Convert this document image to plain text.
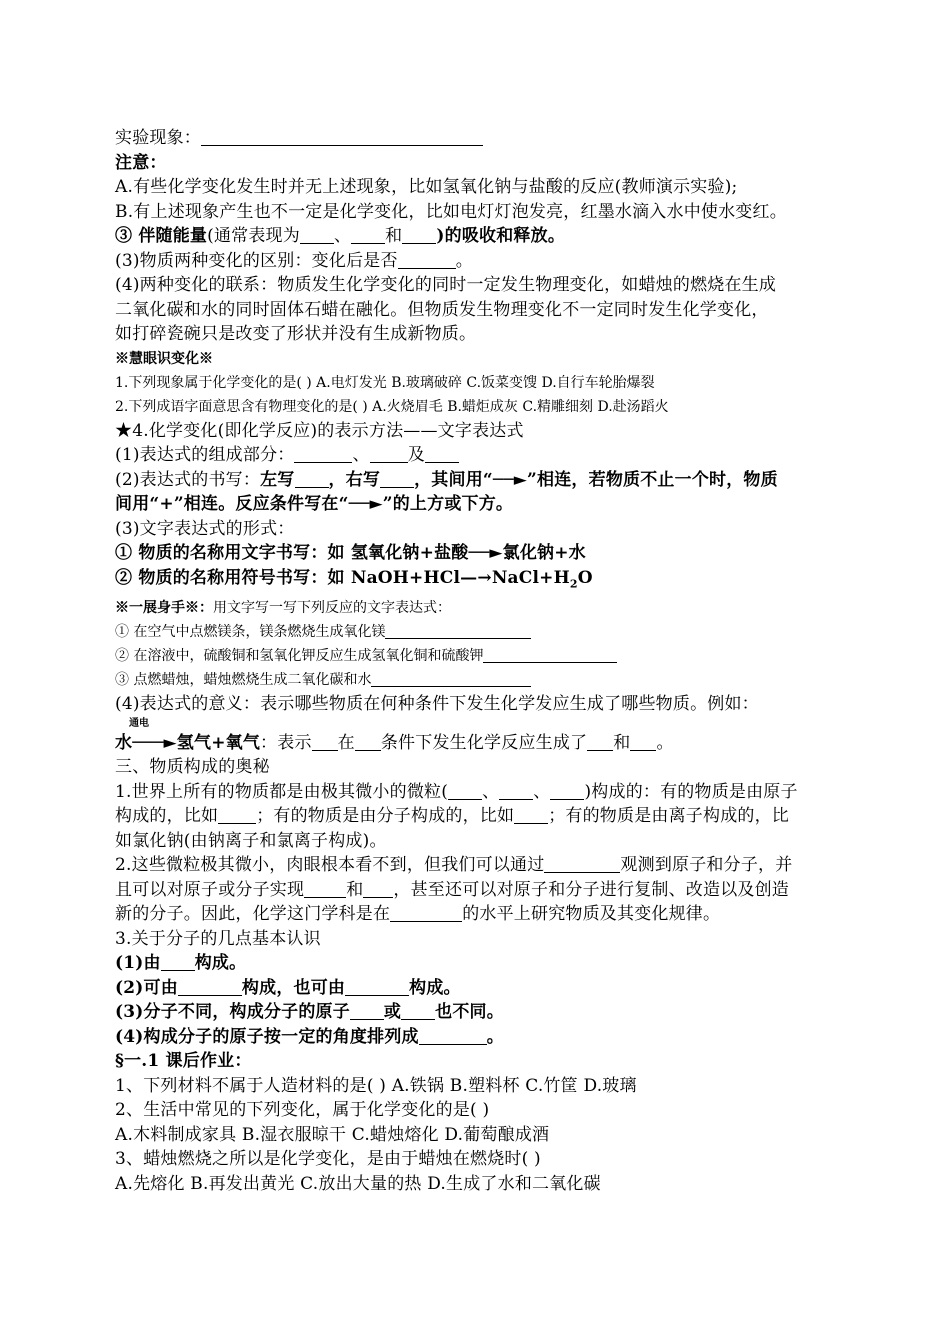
实验现象：
注意：
A.有些化学变化发生时并无上述现象，比如氢氧化钠与盐酸的反应(教师演示实验);
B.有上述现象产生也不一定是化学变化，比如电灯灯泡发亮，红墨水滴入水中使水变红。
③ 伴随能量(通常表现为 、 和 )的吸收和释放。
(3)物质两种变化的区别：变化后是否	。
(4)两种变化的联系：物质发生化学变化的同时一定发生物理变化，如蜡烛的燃烧在生成
二氧化碳和水的同时固体石蜡在融化。但物质发生物理变化不一定同时发生化学变化，
如打碎瓷碗只是改变了形状并没有生成新物质。
※慧眼识变化※
1.下列现象属于化学变化的是( ) A.电灯发光 B.玻璃破碎 C.饭菜变馊 D.自行车轮胎爆裂
2.下列成语字面意思含有物理变化的是( ) A.火烧眉毛 B.蜡炬成灰 C.精雕细刻 D.赴汤蹈火
★4.化学变化(即化学反应)的表示方法——文字表达式
(1)表达式的组成部分：	、 及
(2)表达式的书写：左写 ，右写 ，其间用“──►”相连，若物质不止一个时，物质
间用“+”相连。反应条件写在“──►”的上方或下方。
(3)文字表达式的形式：
① 物质的名称用文字书写：如 氢氧化钠+盐酸──►氯化钠+水
② 物质的名称用符号书写：如 $NaOH+HCl—\to NaCl+H_2O$
※一展身手※：用文字写一写下列反应的文字表达式：
① 在空气中点燃镁条，镁条燃烧生成氧化镁
② 在溶液中，硫酸铜和氢氧化钾反应生成氢氧化铜和硫酸钾
③ 点燃蜡烛，蜡烛燃烧生成二氧化碳和水
(4)表达式的意义：表示哪些物质在何种条件下发生化学发应生成了哪些物质。例如：
通电
水───►氢气+氧气：表示 在 条件下发生化学反应生成了 和 。
三、物质构成的奥秘
1.世界上所有的物质都是由极其微小的微粒( 、 、 )构成的：有的物质是由原子
构成的，比如 ；有的物质是由分子构成的，比如 ；有的物质是由离子构成的，比
如氯化钠(由钠离子和氯离子构成)。
2.这些微粒极其微小，肉眼根本看不到，但我们可以通过	观测到原子和分子，并
且可以对原子或分子实现 和 ，甚至还可以对原子和分子进行复制、改造以及创造
新的分子。因此，化学这门学科是在	的水平上研究物质及其变化规律。
3.关于分子的几点基本认识
(1)由 构成。
(2)可由	构成，也可由	构成。
(3)分子不同，构成分子的原子 或 也不同。
(4)构成分子的原子按一定的角度排列成	。
§一.1 课后作业：
1、下列材料不属于人造材料的是( ) A.铁锅 B.塑料杯 C.竹筐 D.玻璃
2、生活中常见的下列变化，属于化学变化的是( )
A.木料制成家具 B.湿衣服晾干 C.蜡烛熔化 D.葡萄酿成酒
3、蜡烛燃烧之所以是化学变化，是由于蜡烛在燃烧时( )
A.先熔化 B.再发出黄光 C.放出大量的热 D.生成了水和二氧化碳
